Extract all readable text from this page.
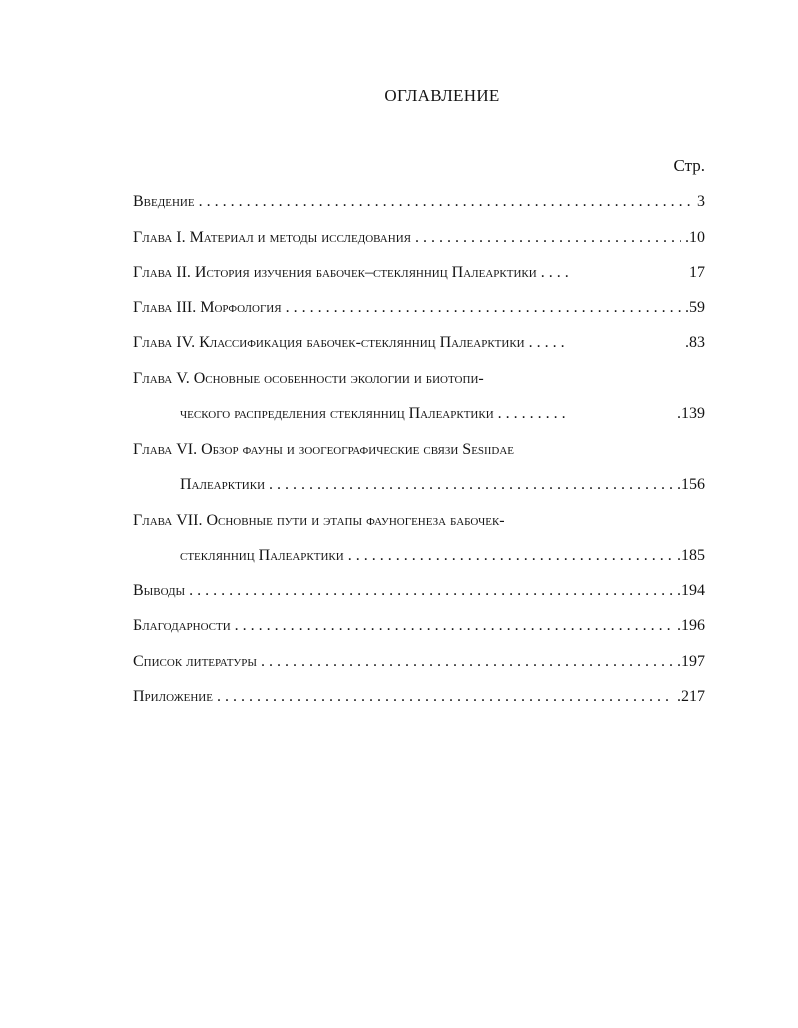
ОГЛАВЛЕНИЕ
Стр.
Введение . . .	3
Глава I. Материал и методы исследования . . .	.10
Глава II. История изучения бабочек–стеклянниц Палеарктики . . . .	17
Глава III. Морфология . . .	.59
Глава IV. Классификация бабочек-стеклянниц Палеарктики . . . . .	.83
Глава V. Основные особенности экологии и биотопи-
ческого распределения стеклянниц Палеарктики . . . . . . . . .	.139
Глава VI. Обзор фауны и зоогеографические связи Sesiidae
Палеарктики . . .	.156
Глава VII. Основные пути и этапы фауногенеза бабочек-
стеклянниц Палеарктики . . .	.185
Выводы . . .	.194
Благодарности . . .	.196
Список литературы . . .	.197
Приложение . . .	.217
